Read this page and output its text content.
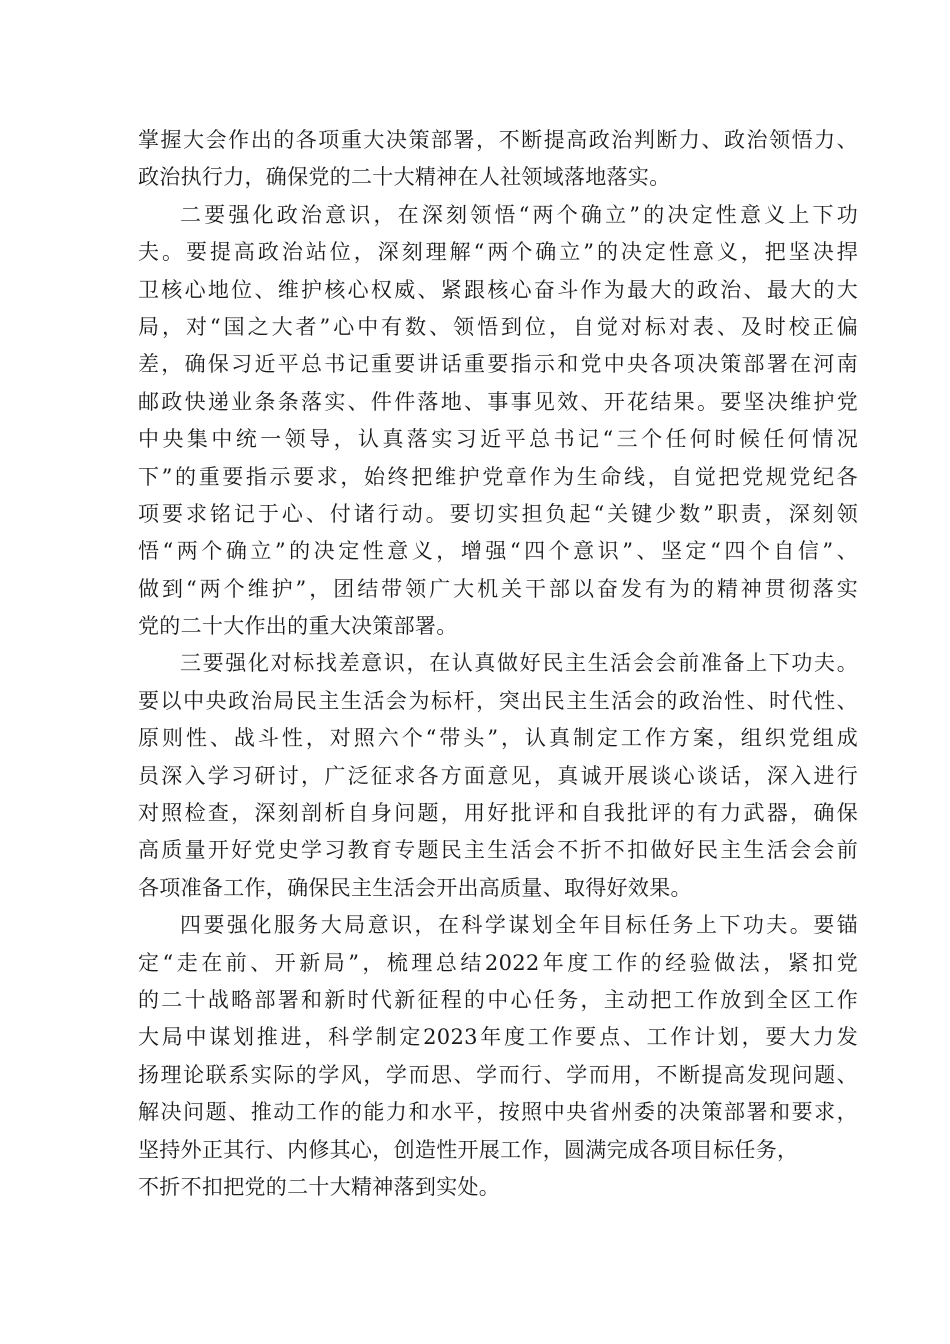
掌握大会作出的各项重大决策部署，不断提高政治判断力、政治领悟力、
政治执行力，确保党的二十大精神在人社领域落地落实。
二要强化政治意识，在深刻领悟“两个确立”的决定性意义上下功
夫。要提高政治站位，深刻理解“两个确立”的决定性意义，把坚决捍
卫核心地位、维护核心权威、紧跟核心奋斗作为最大的政治、最大的大
局，对“国之大者”心中有数、领悟到位，自觉对标对表、及时校正偏
差，确保习近平总书记重要讲话重要指示和党中央各项决策部署在河南
邮政快递业条条落实、件件落地、事事见效、开花结果。要坚决维护党
中央集中统一领导，认真落实习近平总书记“三个任何时候任何情况
下”的重要指示要求，始终把维护党章作为生命线，自觉把党规党纪各
项要求铭记于心、付诸行动。要切实担负起“关键少数”职责，深刻领
悟“两个确立”的决定性意义，增强“四个意识”、坚定“四个自信”、
做到“两个维护”，团结带领广大机关干部以奋发有为的精神贯彻落实
党的二十大作出的重大决策部署。
三要强化对标找差意识，在认真做好民主生活会会前准备上下功夫。
要以中央政治局民主生活会为标杆，突出民主生活会的政治性、时代性、
原则性、战斗性，对照六个“带头”，认真制定工作方案，组织党组成
员深入学习研讨，广泛征求各方面意见，真诚开展谈心谈话，深入进行
对照检查，深刻剖析自身问题，用好批评和自我批评的有力武器，确保
高质量开好党史学习教育专题民主生活会不折不扣做好民主生活会会前
各项准备工作，确保民主生活会开出高质量、取得好效果。
四要强化服务大局意识，在科学谋划全年目标任务上下功夫。要锚
定“走在前、开新局”，梳理总结2022年度工作的经验做法，紧扣党
的二十战略部署和新时代新征程的中心任务，主动把工作放到全区工作
大局中谋划推进，科学制定2023年度工作要点、工作计划，要大力发
扬理论联系实际的学风，学而思、学而行、学而用，不断提高发现问题、
解决问题、推动工作的能力和水平，按照中央省州委的决策部署和要求，
坚持外正其行、内修其心，创造性开展工作，圆满完成各项目标任务，
不折不扣把党的二十大精神落到实处。
